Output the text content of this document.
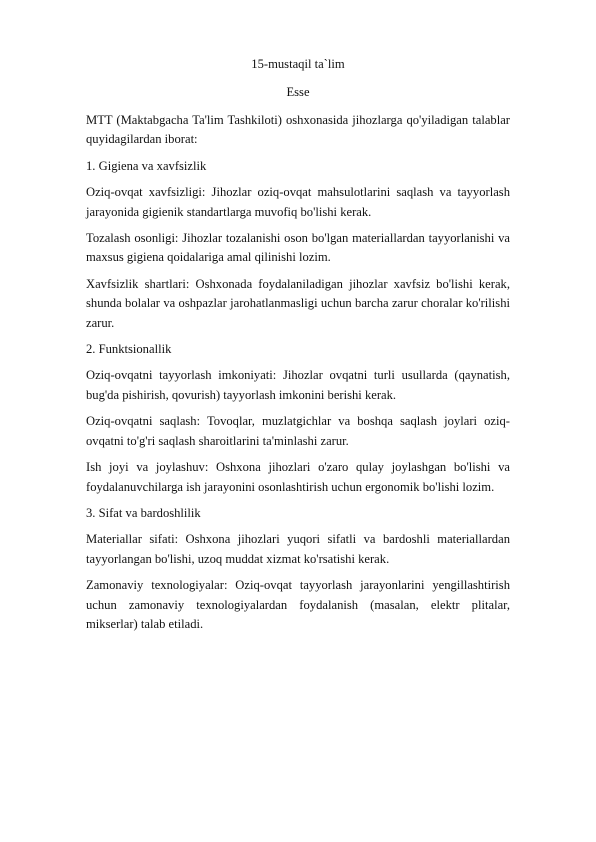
15-mustaqil ta`lim
Esse

MTT (Maktabgacha Ta'lim Tashkiloti) oshxonasida jihozlarga qo'yiladigan talablar quyidagilardan iborat:

1. Gigiena va xavfsizlik

Oziq-ovqat xavfsizligi: Jihozlar oziq-ovqat mahsulotlarini saqlash va tayyorlash jarayonida gigienik standartlarga muvofiq bo'lishi kerak.

Tozalash osonligi: Jihozlar tozalanishi oson bo'lgan materiallardan tayyorlanishi va maxsus gigiena qoidalariga amal qilinishi lozim.

Xavfsizlik shartlari: Oshxonada foydalaniladigan jihozlar xavfsiz bo'lishi kerak, shunda bolalar va oshpazlar jarohatlanmasligi uchun barcha zarur choralar ko'rilishi zarur.

2. Funktsionallik

Oziq-ovqatni tayyorlash imkoniyati: Jihozlar ovqatni turli usullarda (qaynatish, bug'da pishirish, qovurish) tayyorlash imkonini berishi kerak.

Oziq-ovqatni saqlash: Tovoqlar, muzlatgichlar va boshqa saqlash joylari oziq-ovqatni to'g'ri saqlash sharoitlarini ta'minlashi zarur.

Ish joyi va joylashuv: Oshxona jihozlari o'zaro qulay joylashgan bo'lishi va foydalanuvchilarga ish jarayonini osonlashtirish uchun ergonomik bo'lishi lozim.

3. Sifat va bardoshlilik

Materiallar sifati: Oshxona jihozlari yuqori sifatli va bardoshli materiallardan tayyorlangan bo'lishi, uzoq muddat xizmat ko'rsatishi kerak.

Zamonaviy texnologiyalar: Oziq-ovqat tayyorlash jarayonlarini yengillashtirish uchun zamonaviy texnologiyalardan foydalanish (masalan, elektr plitalar, mikserlar) talab etiladi.
